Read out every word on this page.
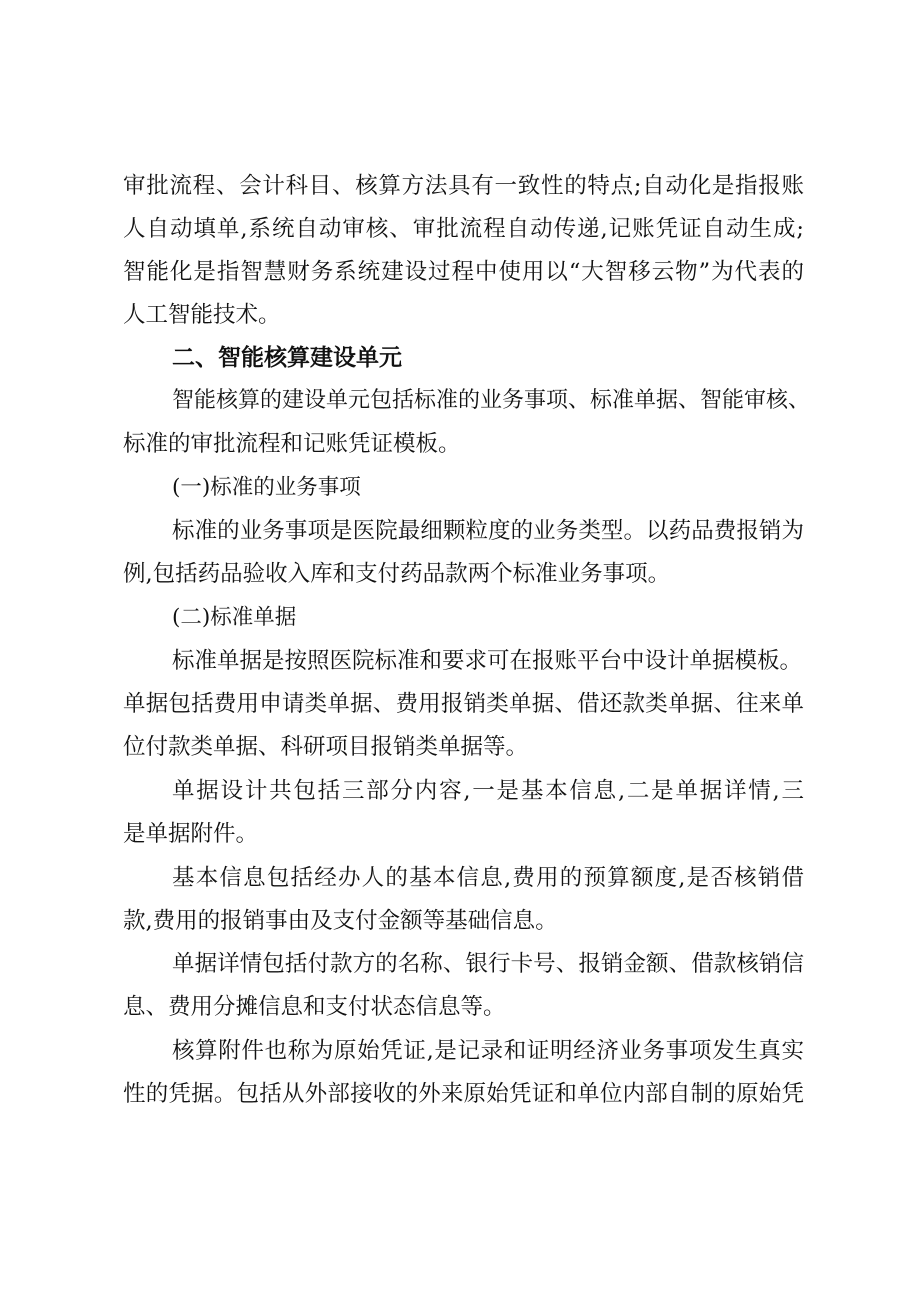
审批流程、会计科目、核算方法具有一致性的特点;自动化是指报账
人自动填单,系统自动审核、审批流程自动传递,记账凭证自动生成;
智能化是指智慧财务系统建设过程中使用以“大智移云物”为代表的
人工智能技术。
二、智能核算建设单元
智能核算的建设单元包括标准的业务事项、标准单据、智能审核、
标准的审批流程和记账凭证模板。
(一)标准的业务事项
标准的业务事项是医院最细颗粒度的业务类型。以药品费报销为
例,包括药品验收入库和支付药品款两个标准业务事项。
(二)标准单据
标准单据是按照医院标准和要求可在报账平台中设计单据模板。
单据包括费用申请类单据、费用报销类单据、借还款类单据、往来单
位付款类单据、科研项目报销类单据等。
单据设计共包括三部分内容,一是基本信息,二是单据详情,三
是单据附件。
基本信息包括经办人的基本信息,费用的预算额度,是否核销借
款,费用的报销事由及支付金额等基础信息。
单据详情包括付款方的名称、银行卡号、报销金额、借款核销信
息、费用分摊信息和支付状态信息等。
核算附件也称为原始凭证,是记录和证明经济业务事项发生真实
性的凭据。包括从外部接收的外来原始凭证和单位内部自制的原始凭
